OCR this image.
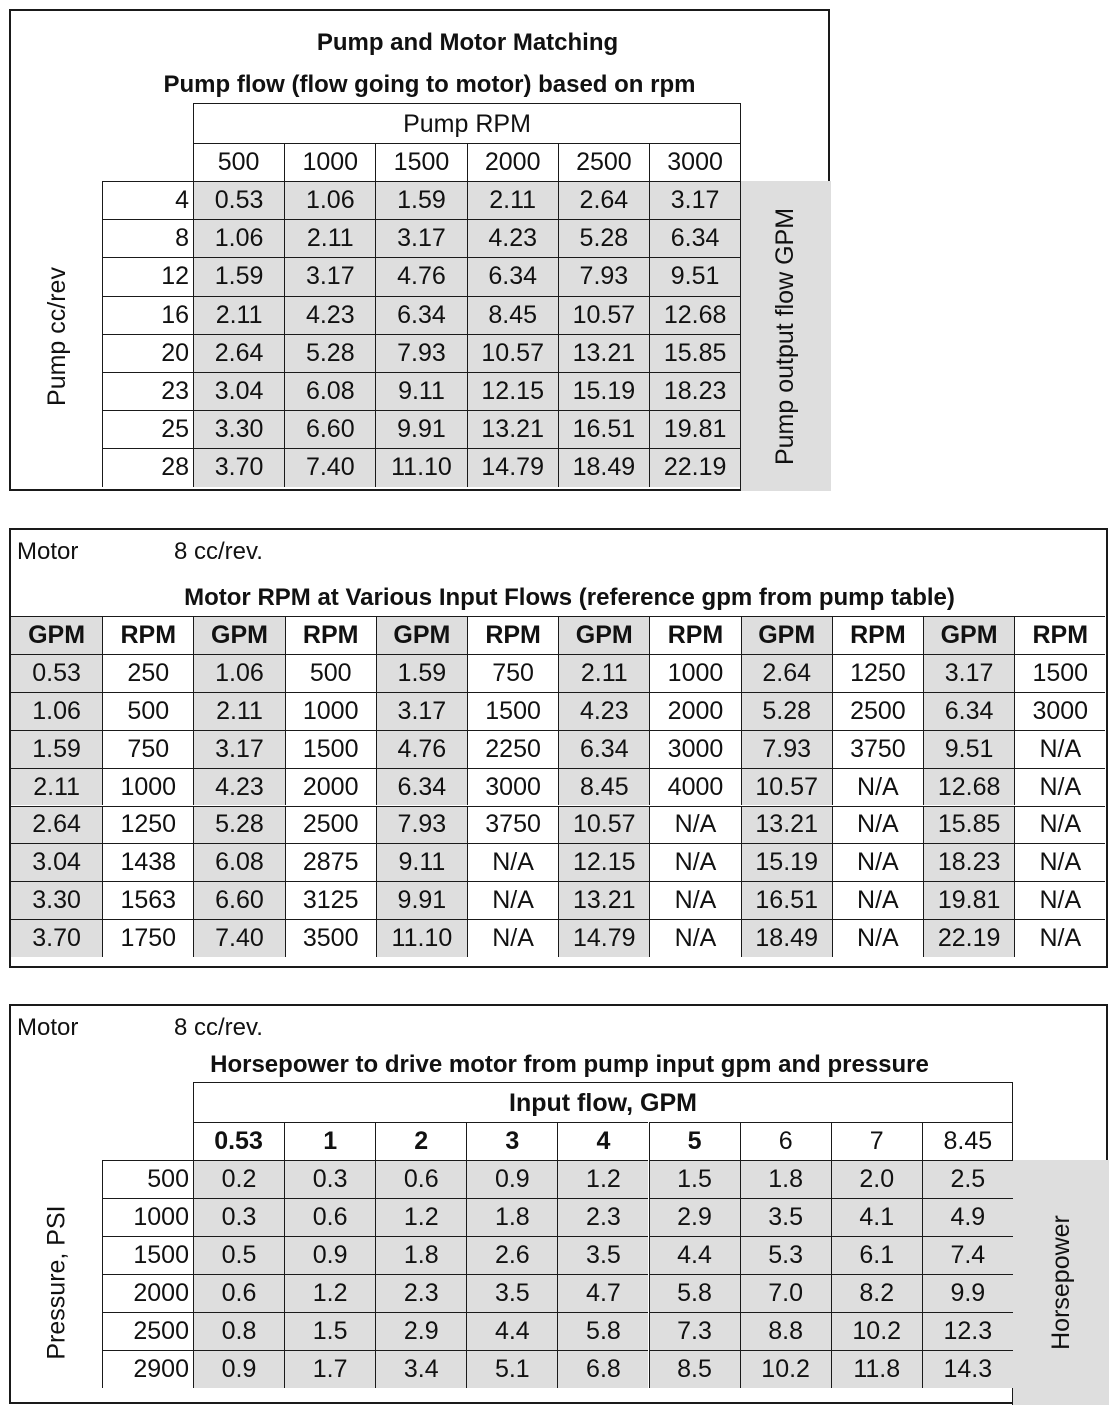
Pump and Motor Matching
Pump flow (flow going to motor) based on rpm
Pump RPM
Pump cc/rev	Pump output flow GPM
500	1000	1500	2000	2500	3000
4	0.53	1.06	1.59	2.11	2.64	3.17
8	1.06	2.11	3.17	4.23	5.28	6.34
12	1.59	3.17	4.76	6.34	7.93	9.51
16	2.11	4.23	6.34	8.45	10.57	12.68
20	2.64	5.28	7.93	10.57	13.21	15.85
23	3.04	6.08	9.11	12.15	15.19	18.23
25	3.30	6.60	9.91	13.21	16.51	19.81
28	3.70	7.40	11.10	14.79	18.49	22.19
Motor	8 cc/rev.
Motor RPM at Various Input Flows (reference gpm from pump table)
GPM	RPM	GPM	RPM	GPM	RPM	GPM	RPM	GPM	RPM	GPM	RPM
0.53	250	1.06	500	1.59	750	2.11	1000	2.64	1250	3.17	1500
1.06	500	2.11	1000	3.17	1500	4.23	2000	5.28	2500	6.34	3000
1.59	750	3.17	1500	4.76	2250	6.34	3000	7.93	3750	9.51	N/A
2.11	1000	4.23	2000	6.34	3000	8.45	4000	10.57	N/A	12.68	N/A
2.64	1250	5.28	2500	7.93	3750	10.57	N/A	13.21	N/A	15.85	N/A
3.04	1438	6.08	2875	9.11	N/A	12.15	N/A	15.19	N/A	18.23	N/A
3.30	1563	6.60	3125	9.91	N/A	13.21	N/A	16.51	N/A	19.81	N/A
3.70	1750	7.40	3500	11.10	N/A	14.79	N/A	18.49	N/A	22.19	N/A
Motor	8 cc/rev.
Horsepower to drive motor from pump input gpm and pressure
Input flow, GPM
Pressure, PSI	Horsepower
0.53	1	2	3	4	5	6	7	8.45
500	0.2	0.3	0.6	0.9	1.2	1.5	1.8	2.0	2.5
1000	0.3	0.6	1.2	1.8	2.3	2.9	3.5	4.1	4.9
1500	0.5	0.9	1.8	2.6	3.5	4.4	5.3	6.1	7.4
2000	0.6	1.2	2.3	3.5	4.7	5.8	7.0	8.2	9.9
2500	0.8	1.5	2.9	4.4	5.8	7.3	8.8	10.2	12.3
2900	0.9	1.7	3.4	5.1	6.8	8.5	10.2	11.8	14.3
